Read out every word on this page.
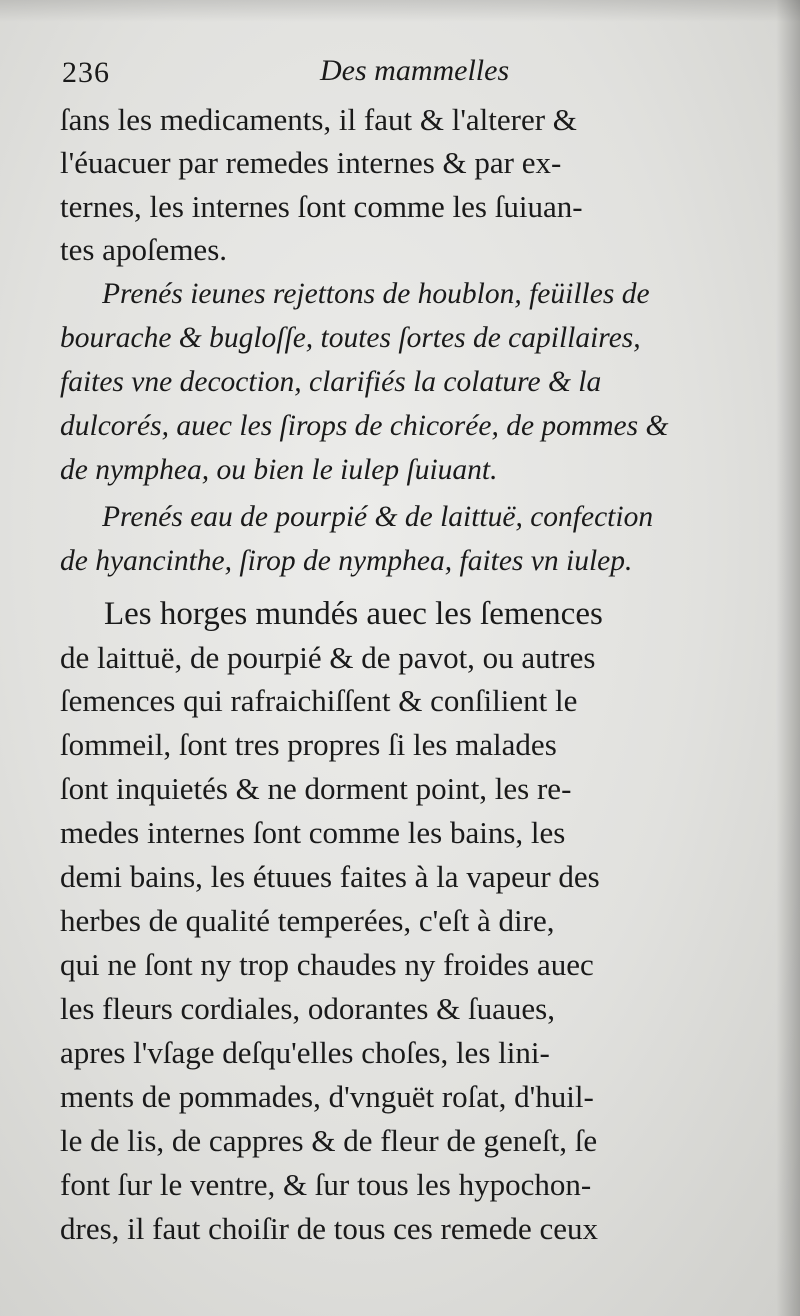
236	Des mammelles
ſans les medicaments, il faut & l'alterer &
l'éuacuer par remedes internes & par ex-
ternes, les internes ſont comme les ſuiuan-
tes apoſemes.
Prenés ieunes rejettons de houblon, feüilles de
bourache & bugloſſe, toutes ſortes de capillaires,
faites vne decoction, clarifiés la colature & la
dulcorés, auec les ſirops de chicorée, de pommes &
de nymphea, ou bien le iulep ſuiuant.
Prenés eau de pourpié & de laittuë, confection
de hyancinthe, ſirop de nymphea, faites vn iulep.
Les horges mundés auec les ſemences
de laittuë, de pourpié & de pavot, ou autres
ſemences qui rafraichiſſent & conſilient le
ſommeil, ſont tres propres ſi les malades
ſont inquietés & ne dorment point, les re-
medes internes ſont comme les bains, les
demi bains, les étuues faites à la vapeur des
herbes de qualité temperées, c'eſt à dire,
qui ne ſont ny trop chaudes ny froides auec
les fleurs cordiales, odorantes & ſuaues,
apres l'vſage deſqu'elles choſes, les lini-
ments de pommades, d'vnguët roſat, d'huil-
le de lis, de cappres & de fleur de geneſt, ſe
font ſur le ventre, & ſur tous les hypochon-
dres, il faut choiſir de tous ces remede ceux
